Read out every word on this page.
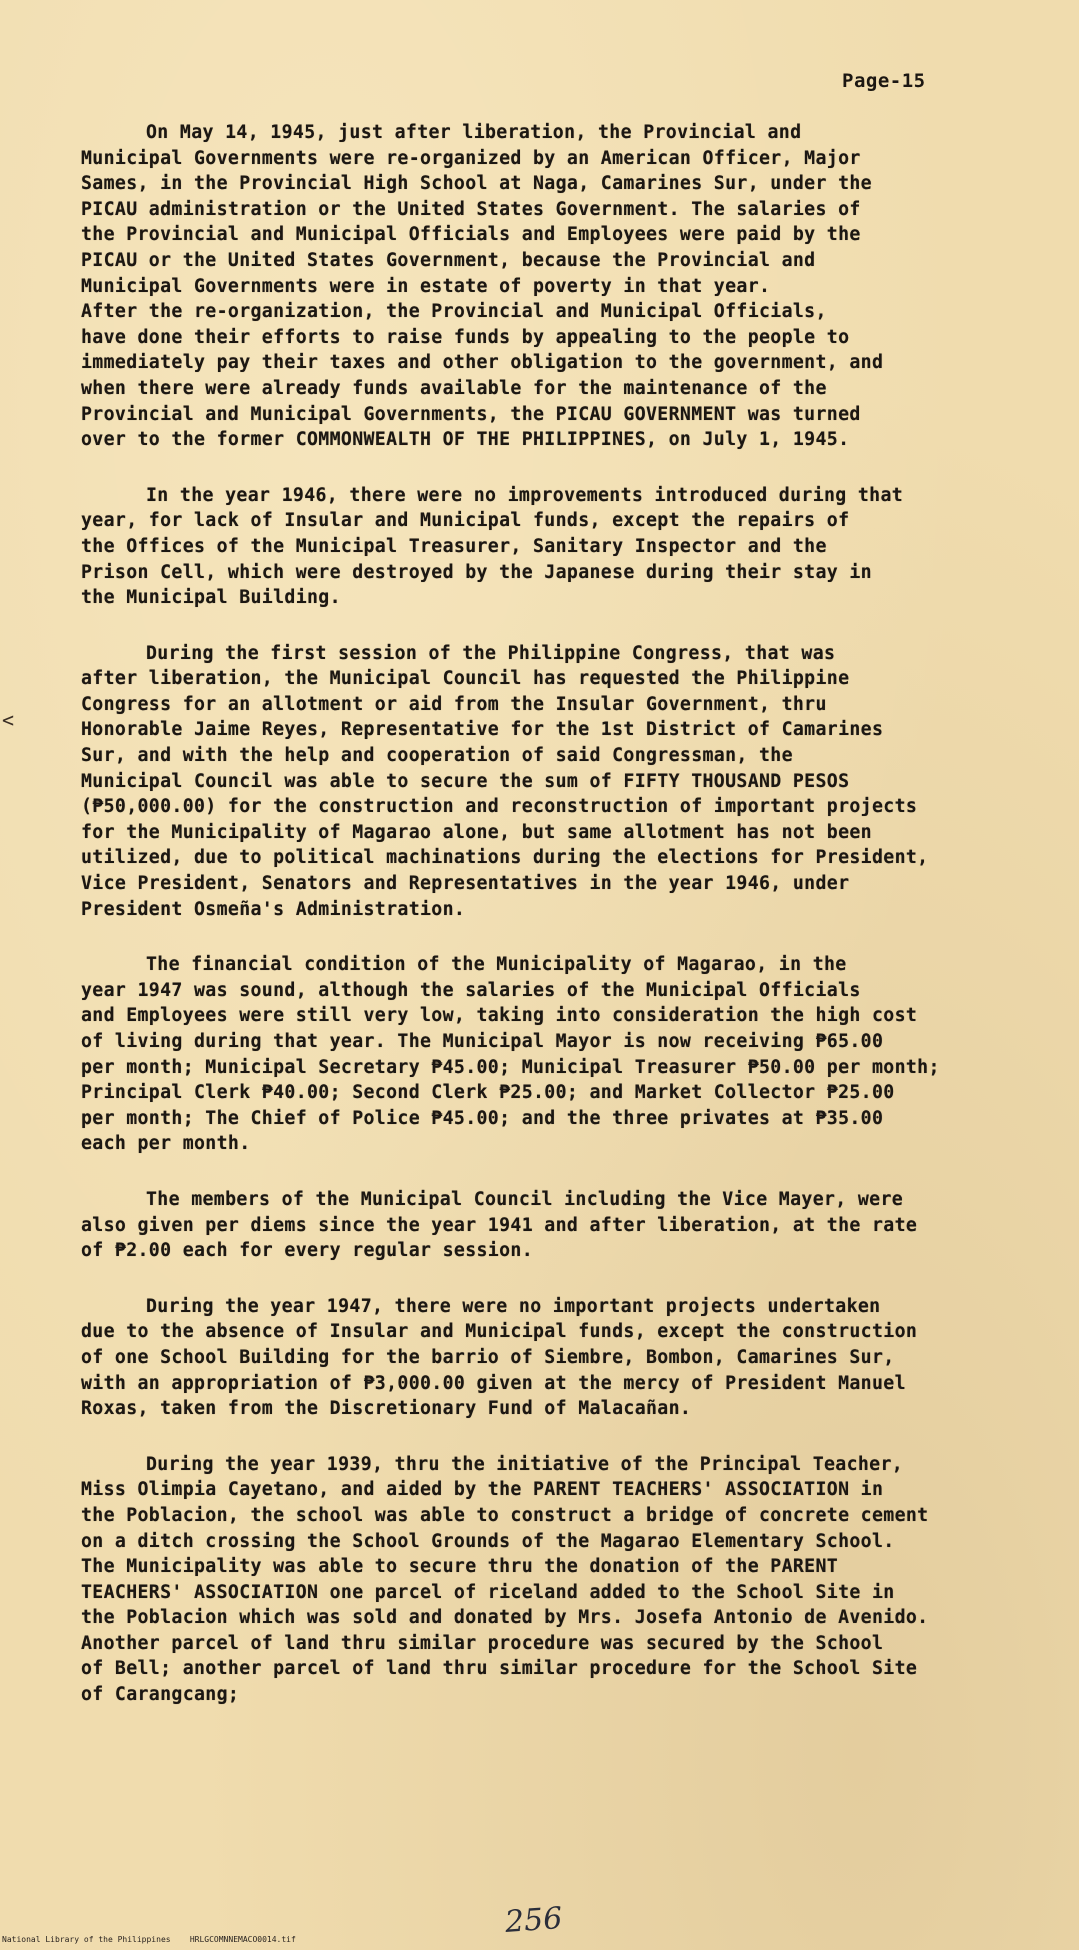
Page-15
<
On May 14, 1945, just after liberation, the Provincial and
Municipal Governments were re-organized by an American Officer, Major
Sames, in the Provincial High School at Naga, Camarines Sur, under the
PICAU administration or the United States Government. The salaries of
the Provincial and Municipal Officials and Employees were paid by the
PICAU or the United States Government, because the Provincial and
Municipal Governments were in estate of poverty in that year.
After the re-organization, the Provincial and Municipal Officials,
have done their efforts to raise funds by appealing to the people to
immediately pay their taxes and other obligation to the government, and
when there were already funds available for the maintenance of the
Provincial and Municipal Governments, the PICAU GOVERNMENT was turned
over to the former COMMONWEALTH OF THE PHILIPPINES, on July 1, 1945.
In the year 1946, there were no improvements introduced during that
year, for lack of Insular and Municipal funds, except the repairs of
the Offices of the Municipal Treasurer, Sanitary Inspector and the
Prison Cell, which were destroyed by the Japanese during their stay in
the Municipal Building.
During the first session of the Philippine Congress, that was
after liberation, the Municipal Council has requested the Philippine
Congress for an allotment or aid from the Insular Government, thru
Honorable Jaime Reyes, Representative for the 1st District of Camarines
Sur, and with the help and cooperation of said Congressman, the
Municipal Council was able to secure the sum of FIFTY THOUSAND PESOS
(₱50,000.00) for the construction and reconstruction of important projects
for the Municipality of Magarao alone, but same allotment has not been
utilized, due to political machinations during the elections for President,
Vice President, Senators and Representatives in the year 1946, under
President Osmeña's Administration.
The financial condition of the Municipality of Magarao, in the
year 1947 was sound, although the salaries of the Municipal Officials
and Employees were still very low, taking into consideration the high cost
of living during that year. The Municipal Mayor is now receiving ₱65.00
per month; Municipal Secretary ₱45.00; Municipal Treasurer ₱50.00 per month;
Principal Clerk ₱40.00; Second Clerk ₱25.00; and Market Collector ₱25.00
per month; The Chief of Police ₱45.00; and the three privates at ₱35.00
each per month.
The members of the Municipal Council including the Vice Mayer, were
also given per diems since the year 1941 and after liberation, at the rate
of ₱2.00 each for every regular session.
During the year 1947, there were no important projects undertaken
due to the absence of Insular and Municipal funds, except the construction
of one School Building for the barrio of Siembre, Bombon, Camarines Sur,
with an appropriation of ₱3,000.00 given at the mercy of President Manuel
Roxas, taken from the Discretionary Fund of Malacañan.
During the year 1939, thru the initiative of the Principal Teacher,
Miss Olimpia Cayetano, and aided by the PARENT TEACHERS' ASSOCIATION in
the Poblacion, the school was able to construct a bridge of concrete cement
on a ditch crossing the School Grounds of the Magarao Elementary School.
The Municipality was able to secure thru the donation of the PARENT
TEACHERS' ASSOCIATION one parcel of riceland added to the School Site in
the Poblacion which was sold and donated by Mrs. Josefa Antonio de Avenido.
Another parcel of land thru similar procedure was secured by the School
of Bell; another parcel of land thru similar procedure for the School Site
of Carangcang;
256
National Library of the Philippines    HRLGCOMNNEMACO0014.tif
